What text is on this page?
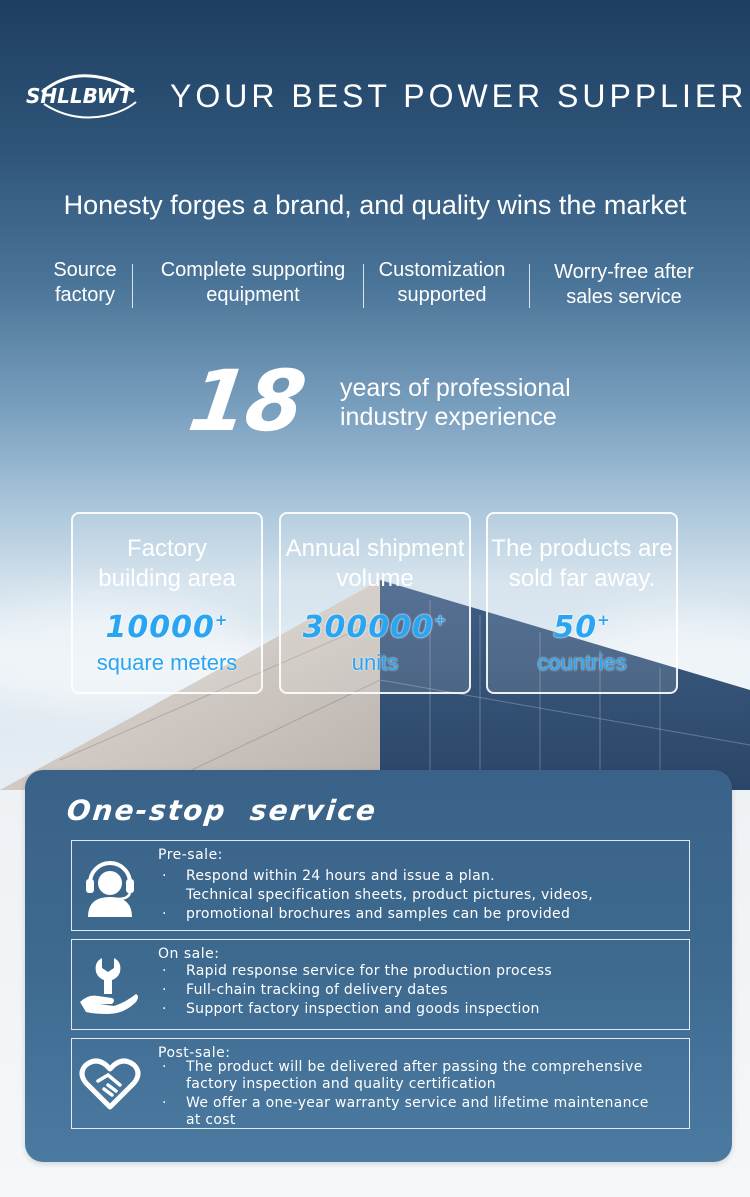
SHLLBWT YOUR BEST POWER SUPPLIER
Honesty forges a brand, and quality wins the market
Source
factory
Complete supporting
equipment
Customization
supported
Worry-free after
sales service
18 years of professional
industry experience
Factory
building area
10000+
square meters
Annual shipment
volume
300000+
units
The products are
sold far away.
50+
countries
One-stop  service
Pre-sale:
· Respond within 24 hours and issue a plan.
Technical specification sheets, product pictures, videos,
· promotional brochures and samples can be provided
On sale:
· Rapid response service for the production process
· Full-chain tracking of delivery dates
· Support factory inspection and goods inspection
Post-sale:
· The product will be delivered after passing the comprehensive
factory inspection and quality certification
· We offer a one-year warranty service and lifetime maintenance
at cost
